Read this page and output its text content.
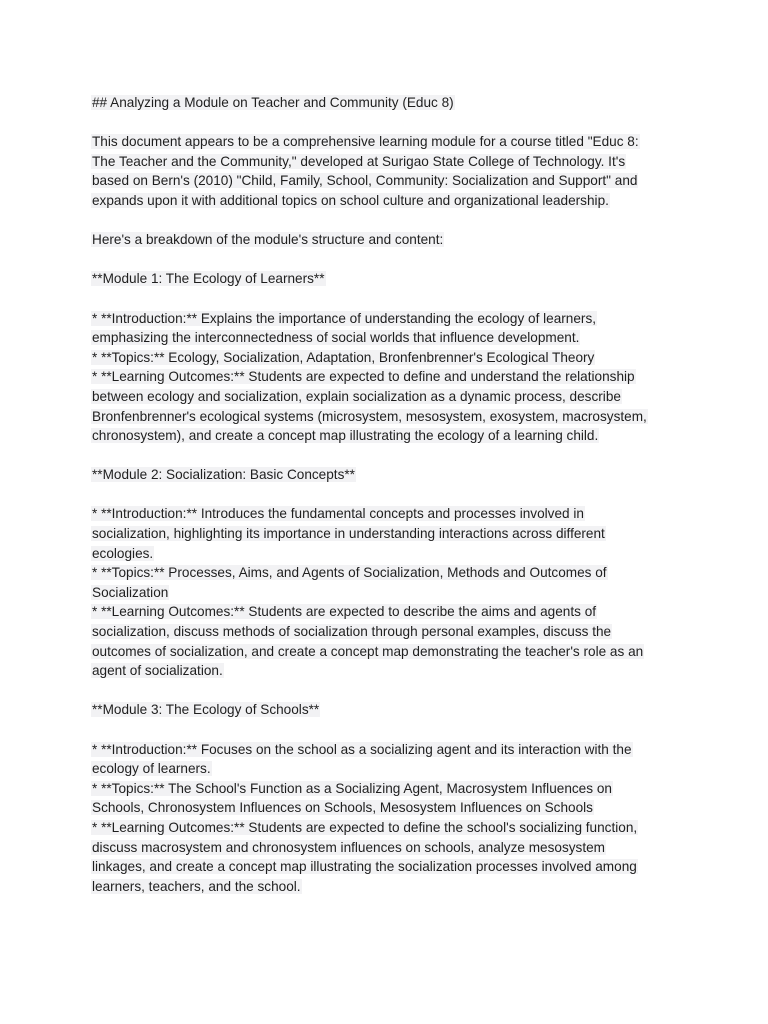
## Analyzing a Module on Teacher and Community (Educ 8)
This document appears to be a comprehensive learning module for a course titled "Educ 8:
The Teacher and the Community," developed at Surigao State College of Technology. It's
based on Bern's (2010) "Child, Family, School, Community: Socialization and Support" and
expands upon it with additional topics on school culture and organizational leadership.
Here's a breakdown of the module's structure and content:
**Module 1: The Ecology of Learners**
* **Introduction:** Explains the importance of understanding the ecology of learners,
emphasizing the interconnectedness of social worlds that influence development.
* **Topics:** Ecology, Socialization, Adaptation, Bronfenbrenner's Ecological Theory
* **Learning Outcomes:** Students are expected to define and understand the relationship
between ecology and socialization, explain socialization as a dynamic process, describe
Bronfenbrenner's ecological systems (microsystem, mesosystem, exosystem, macrosystem,
chronosystem), and create a concept map illustrating the ecology of a learning child.
**Module 2: Socialization: Basic Concepts**
* **Introduction:** Introduces the fundamental concepts and processes involved in
socialization, highlighting its importance in understanding interactions across different
ecologies.
* **Topics:** Processes, Aims, and Agents of Socialization, Methods and Outcomes of
Socialization
* **Learning Outcomes:** Students are expected to describe the aims and agents of
socialization, discuss methods of socialization through personal examples, discuss the
outcomes of socialization, and create a concept map demonstrating the teacher's role as an
agent of socialization.
**Module 3: The Ecology of Schools**
* **Introduction:** Focuses on the school as a socializing agent and its interaction with the
ecology of learners.
* **Topics:** The School's Function as a Socializing Agent, Macrosystem Influences on
Schools, Chronosystem Influences on Schools, Mesosystem Influences on Schools
* **Learning Outcomes:** Students are expected to define the school's socializing function,
discuss macrosystem and chronosystem influences on schools, analyze mesosystem
linkages, and create a concept map illustrating the socialization processes involved among
learners, teachers, and the school.
